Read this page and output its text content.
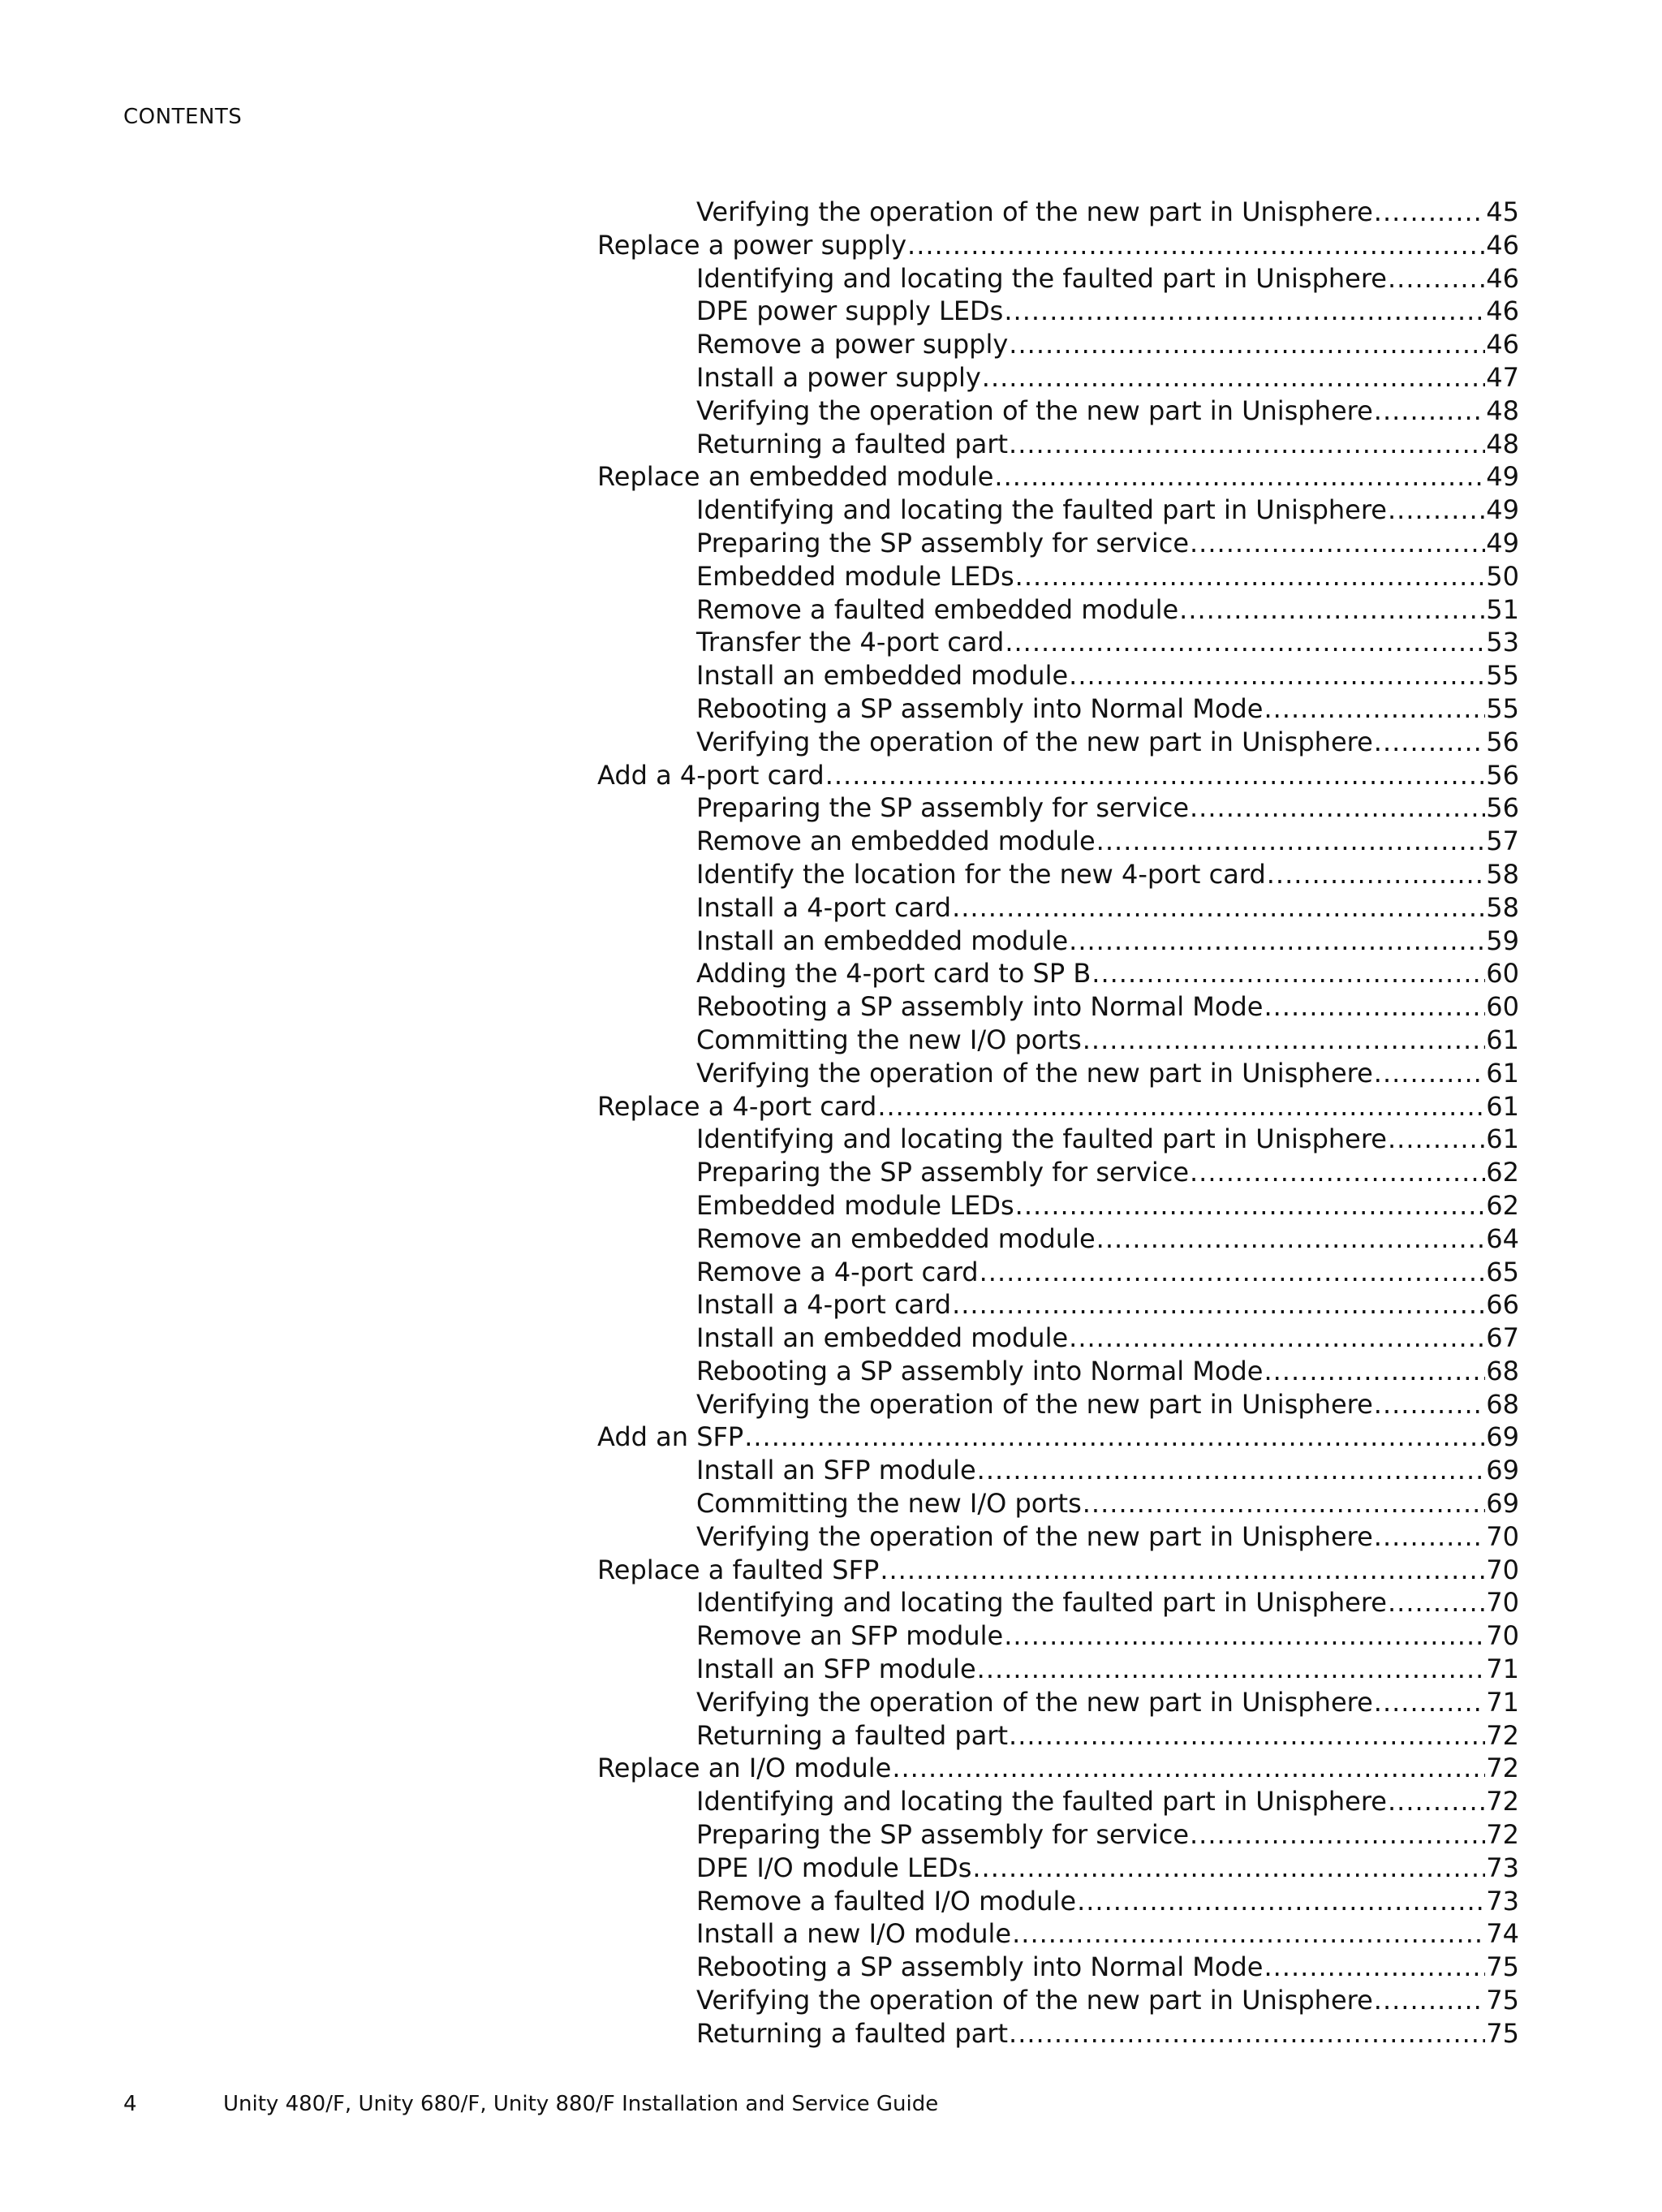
CONTENTS
Verifying the operation of the new part in Unisphere .....	45
Replace a power supply .....	46
Identifying and locating the faulted part in Unisphere .....	46
DPE power supply LEDs .....	46
Remove a power supply .....	46
Install a power supply .....	47
Verifying the operation of the new part in Unisphere .....	48
Returning a faulted part .....	48
Replace an embedded module .....	49
Identifying and locating the faulted part in Unisphere .....	49
Preparing the SP assembly for service .....	49
Embedded module LEDs .....	50
Remove a faulted embedded module .....	51
Transfer the 4-port card .....	53
Install an embedded module .....	55
Rebooting a SP assembly into Normal Mode .....	55
Verifying the operation of the new part in Unisphere .....	56
Add a 4-port card .....	56
Preparing the SP assembly for service .....	56
Remove an embedded module .....	57
Identify the location for the new 4-port card .....	58
Install a 4-port card .....	58
Install an embedded module .....	59
Adding the 4-port card to SP B .....	60
Rebooting a SP assembly into Normal Mode .....	60
Committing the new I/O ports .....	61
Verifying the operation of the new part in Unisphere .....	61
Replace a 4-port card .....	61
Identifying and locating the faulted part in Unisphere .....	61
Preparing the SP assembly for service .....	62
Embedded module LEDs .....	62
Remove an embedded module .....	64
Remove a 4-port card .....	65
Install a 4-port card .....	66
Install an embedded module .....	67
Rebooting a SP assembly into Normal Mode .....	68
Verifying the operation of the new part in Unisphere .....	68
Add an SFP .....	69
Install an SFP module .....	69
Committing the new I/O ports .....	69
Verifying the operation of the new part in Unisphere .....	70
Replace a faulted SFP .....	70
Identifying and locating the faulted part in Unisphere .....	70
Remove an SFP module .....	70
Install an SFP module .....	71
Verifying the operation of the new part in Unisphere .....	71
Returning a faulted part .....	72
Replace an I/O module .....	72
Identifying and locating the faulted part in Unisphere .....	72
Preparing the SP assembly for service .....	72
DPE I/O module LEDs .....	73
Remove a faulted I/O module .....	73
Install a new I/O module .....	74
Rebooting a SP assembly into Normal Mode .....	75
Verifying the operation of the new part in Unisphere .....	75
Returning a faulted part .....	75
4	Unity 480/F, Unity 680/F, Unity 880/F Installation and Service Guide
